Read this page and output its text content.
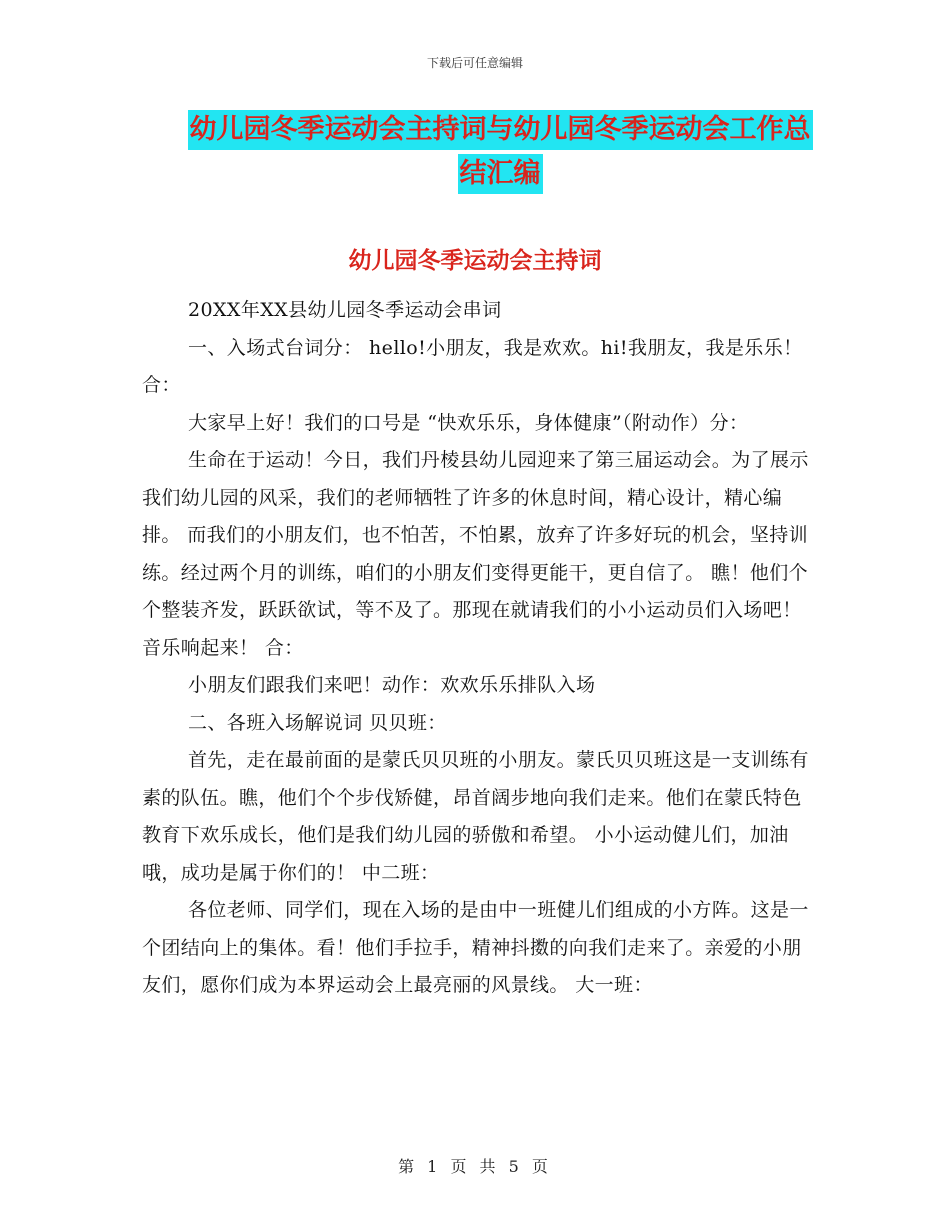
下载后可任意编辑
幼儿园冬季运动会主持词与幼儿园冬季运动会工作总
结汇编
幼儿园冬季运动会主持词

20XX年XX县幼儿园冬季运动会串词

一、入场式台词分： hello!小朋友，我是欢欢。hi!我朋友，我是乐乐！合：

大家早上好！我们的口号是 “快欢乐乐，身体健康”（附动作）分：

生命在于运动！今日，我们丹棱县幼儿园迎来了第三届运动会。为了展示我们幼儿园的风采，我们的老师牺牲了许多的休息时间，精心设计，精心编排。 而我们的小朋友们，也不怕苦，不怕累，放弃了许多好玩的机会，坚持训练。经过两个月的训练，咱们的小朋友们变得更能干，更自信了。 瞧！他们个个整装齐发，跃跃欲试，等不及了。那现在就请我们的小小运动员们入场吧！ 音乐响起来！ 合：

小朋友们跟我们来吧！动作：欢欢乐乐排队入场

二、各班入场解说词 贝贝班：

首先，走在最前面的是蒙氏贝贝班的小朋友。蒙氏贝贝班这是一支训练有素的队伍。瞧，他们个个步伐矫健，昂首阔步地向我们走来。他们在蒙氏特色教育下欢乐成长，他们是我们幼儿园的骄傲和希望。 小小运动健儿们，加油哦，成功是属于你们的！ 中二班：

各位老师、同学们，现在入场的是由中一班健儿们组成的小方阵。这是一个团结向上的集体。看！他们手拉手，精神抖擞的向我们走来了。亲爱的小朋友们，愿你们成为本界运动会上最亮丽的风景线。 大一班：

第 1 页 共 5 页
